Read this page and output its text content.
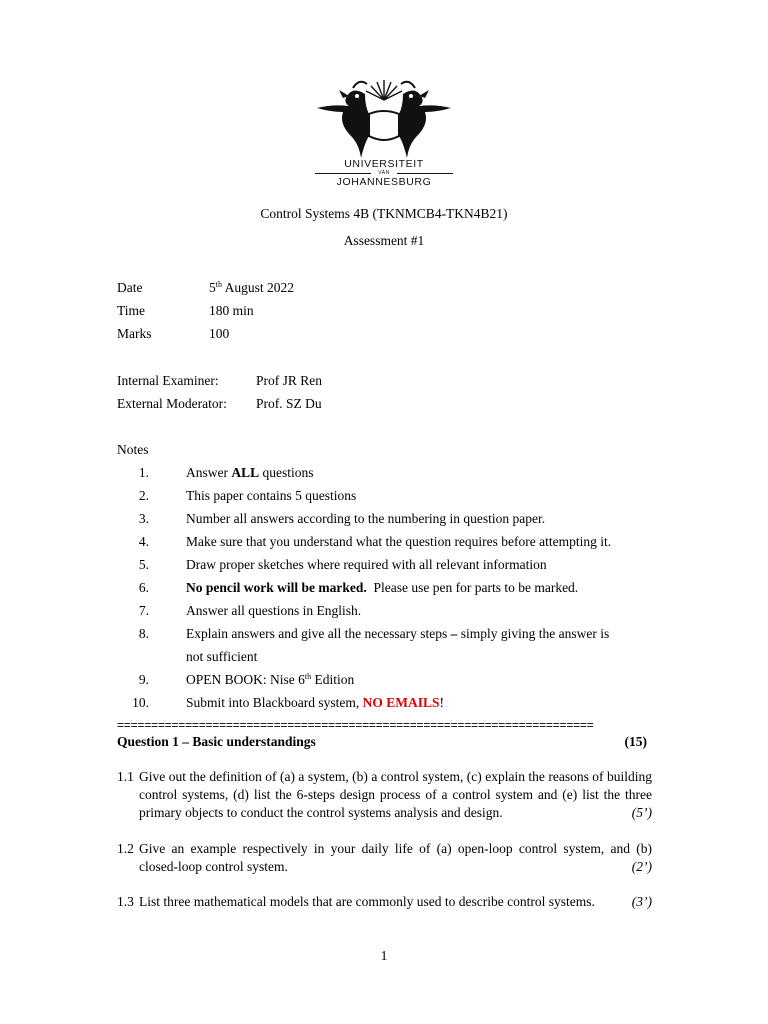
UNIVERSITEIT
VAN
JOHANNESBURG
Control Systems 4B (TKNMCB4-TKN4B21)
Assessment #1
Date	5th August 2022
Time	180 min
Marks	100
Internal Examiner:	Prof JR Ren
External Moderator: Prof. SZ Du
Notes
1.	Answer ALL questions
2.	This paper contains 5 questions
3.	Number all answers according to the numbering in question paper.
4.	Make sure that you understand what the question requires before attempting it.
5.	Draw proper sketches where required with all relevant information
6.	No pencil work will be marked.  Please use pen for parts to be marked.
7.	Answer all questions in English.
8.	Explain answers and give all the necessary steps – simply giving the answer is
not sufficient
9.	OPEN BOOK: Nise 6th Edition
10.	Submit into Blackboard system, NO EMAILS!
======================================================================
Question 1 – Basic understandings	(15)
1.1 Give out the definition of (a) a system, (b) a control system, (c) explain the reasons of building control systems, (d) list the 6-steps design process of a control system and (e) list the three primary objects to conduct the control systems analysis and design.	(5’)
1.2 Give an example respectively in your daily life of (a) open-loop control system, and (b) closed-loop control system.	(2’)
1.3 List three mathematical models that are commonly used to describe control systems.	(3’)
1
